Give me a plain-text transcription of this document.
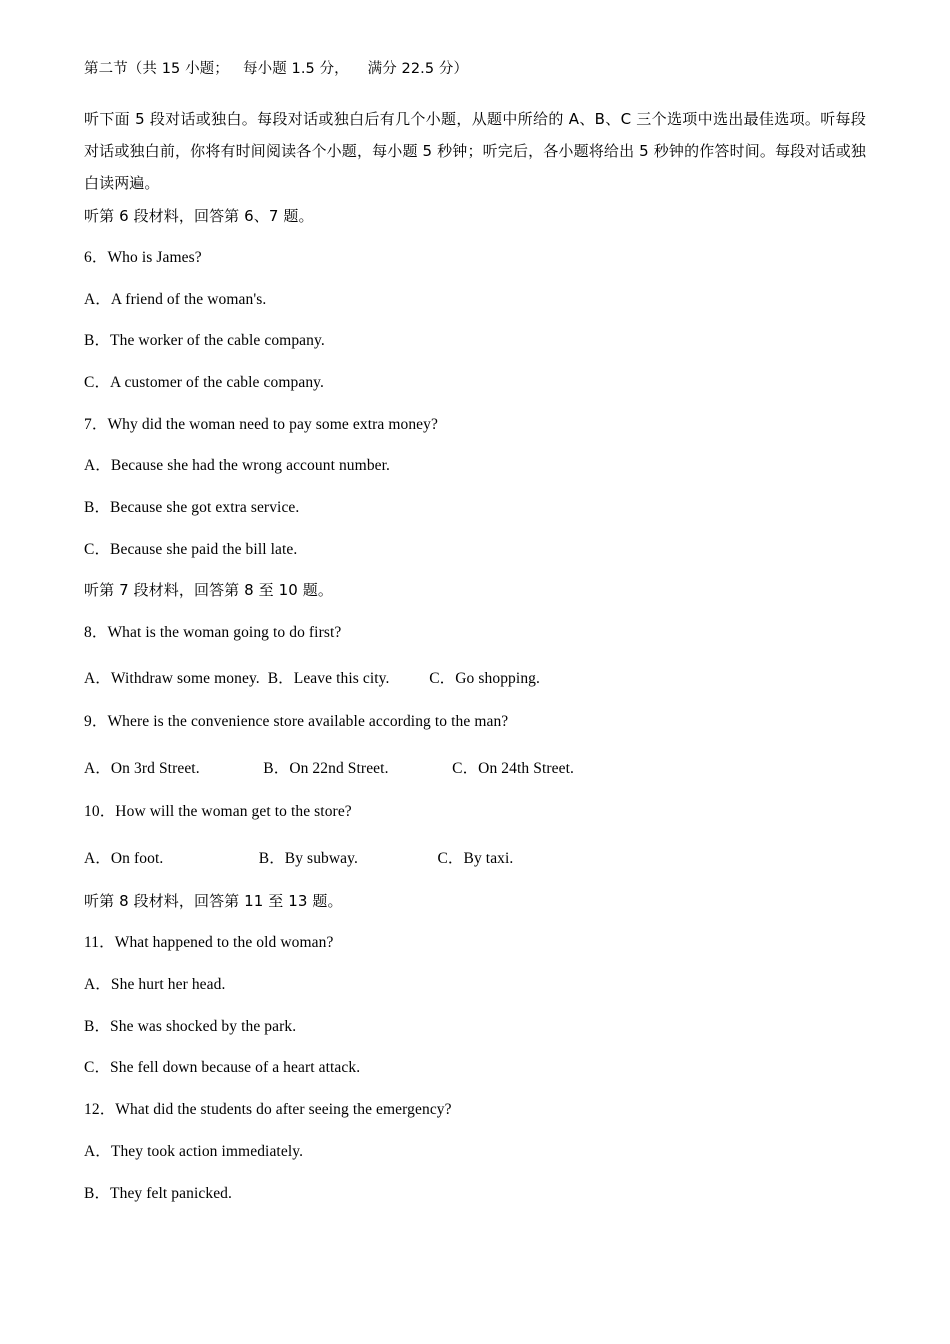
第二节（共 15 小题；   每小题 1.5 分，    满分 22.5 分）
听下面 5 段对话或独白。每段对话或独白后有几个小题，从题中所给的 A、B、C 三个选项中选出最佳选项。听每段对话或独白前，你将有时间阅读各个小题，每小题 5 秒钟；听完后，各小题将给出 5 秒钟的作答时间。每段对话或独白读两遍。
听第 6 段材料，回答第 6、7 题。
6．Who is James?
A．A friend of the woman's.
B．The worker of the cable company.
C．A customer of the cable company.
7．Why did the woman need to pay some extra money?
A．Because she had the wrong account number.
B．Because she got extra service.
C．Because she paid the bill late.
听第 7 段材料，回答第 8 至 10 题。
8．What is the woman going to do first?
A．Withdraw some money.  B．Leave this city.          C．Go shopping.
9．Where is the convenience store available according to the man?
A．On 3rd Street.                B．On 22nd Street.                C．On 24th Street.
10．How will the woman get to the store?
A．On foot.                        B．By subway.                    C．By taxi.
听第 8 段材料，回答第 11 至 13 题。
11．What happened to the old woman?
A．She hurt her head.
B．She was shocked by the park.
C．She fell down because of a heart attack.
12．What did the students do after seeing the emergency?
A．They took action immediately.
B．They felt panicked.
